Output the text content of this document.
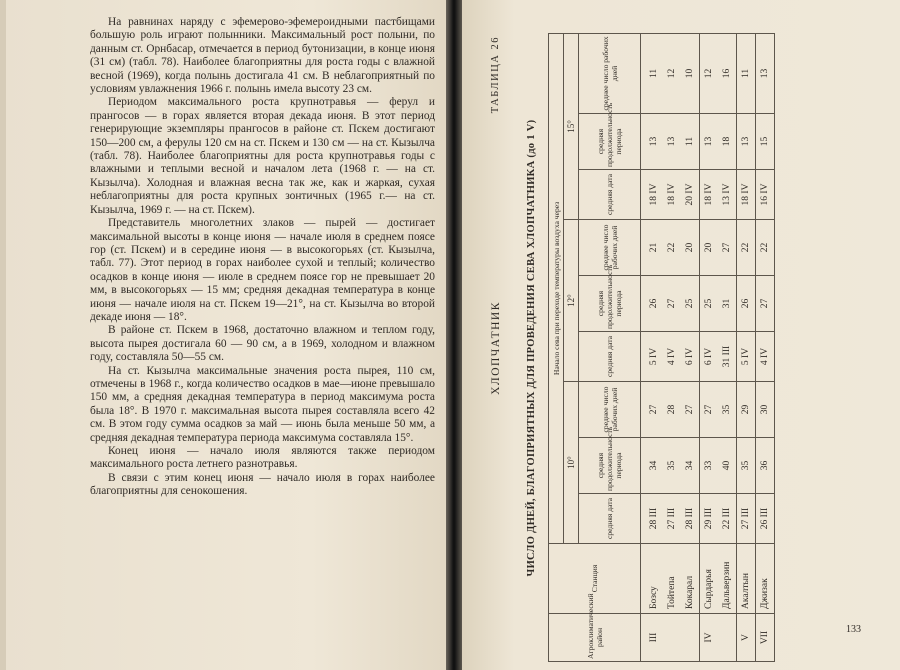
На равнинах наряду с эфемерово-эфемероидными пастбищами большую роль играют полынники. Максимальный рост полыни, по данным ст. Орнбасар, отмечается в период бутонизации, в конце июня (31 см) (табл. 78). Наиболее благоприятны для роста годы с влажной весной (1969), когда полынь достигала 41 см. В неблагоприятный по условиям увлажнения 1966 г. полынь имела высоту 23 см.

Периодом максимального роста крупнотравья — ферул и прангосов — в горах является вторая декада июня. В этот период генерирующие экземпляры прангосов в районе ст. Пскем достигают 150—200 см, а ферулы 120 см на ст. Пскем и 130 см — на ст. Кызылча (табл. 78). Наиболее благоприятны для роста крупнотравья годы с влажными и теплыми весной и началом лета (1968 г. — на ст. Кызылча). Холодная и влажная весна так же, как и жаркая, сухая неблагоприятны для роста крупных зонтичных (1965 г.— на ст. Кызылча, 1969 г. — на ст. Пскем).

Представитель многолетних злаков — пырей — достигает максимальной высоты в конце июня — начале июля в среднем поясе гор (ст. Пскем) и в середине июня — в высокогорьях (ст. Кызылча, табл. 77). Этот период в горах наиболее сухой и теплый; количество осадков в конце июня — июле в среднем поясе гор не превышает 20 мм, в высокогорьях — 15 мм; средняя декадная температура в конце июня — начале июля на ст. Пскем 19—21°, на ст. Кызылча во второй декаде июня — 18°.

В районе ст. Пскем в 1968, достаточно влажном и теплом году, высота пырея достигала 60 — 90 см, а в 1969, холодном и влажном году, составляла 50—55 см.

На ст. Кызылча максимальные значения роста пырея, 110 см, отмечены в 1968 г., когда количество осадков в мае—июне превышало 150 мм, а средняя декадная температура в период максимума роста была 18°. В 1970 г. максимальная высота пырея составляла всего 42 см. В этом году сумма осадков за май — июнь была меньше 50 мм, а средняя декадная температура периода максимума составляла 15°.

Конец июня — начало июля являются также периодом максимального роста летнего разнотравья.

В связи с этим конец июня — начало июля в горах наиболее благоприятны для сенокошения.

ХЛОПЧАТНИК
ТАБЛИЦА 26
ЧИСЛО ДНЕЙ, БЛАГОПРИЯТНЫХ ДЛЯ ПРОВЕДЕНИЯ СЕВА ХЛОПЧАТНИКА (до 1 V)
Агроклиматический район	Станция	Начало сева при переходе температуры воздуха через								
		10°			12°			15°		
		средняя дата	средняя продолжительность периода	среднее число рабочих дней	средняя дата	средняя продолжительность периода	среднее число рабочих дней	средняя дата	средняя продолжительность периода	среднее число рабочих дней
III	Бозсу	28 III	34	27	5 IV	26	21	18 IV	13	11
	Тойтепа	27 III	35	28	4 IV	27	22	18 IV	13	12
	Кокарал	28 III	34	27	6 IV	25	20	20 IV	11	10
IV	Сырдарья	29 III	33	27	6 IV	25	20	18 IV	13	12
	Дальверзин	22 III	40	35	31 III	31	27	13 IV	18	16
V	Акалтын	27 III	35	29	5 IV	26	22	18 IV	13	11
VII	Джизак	26 III	36	30	4 IV	27	22	16 IV	15	13
133
